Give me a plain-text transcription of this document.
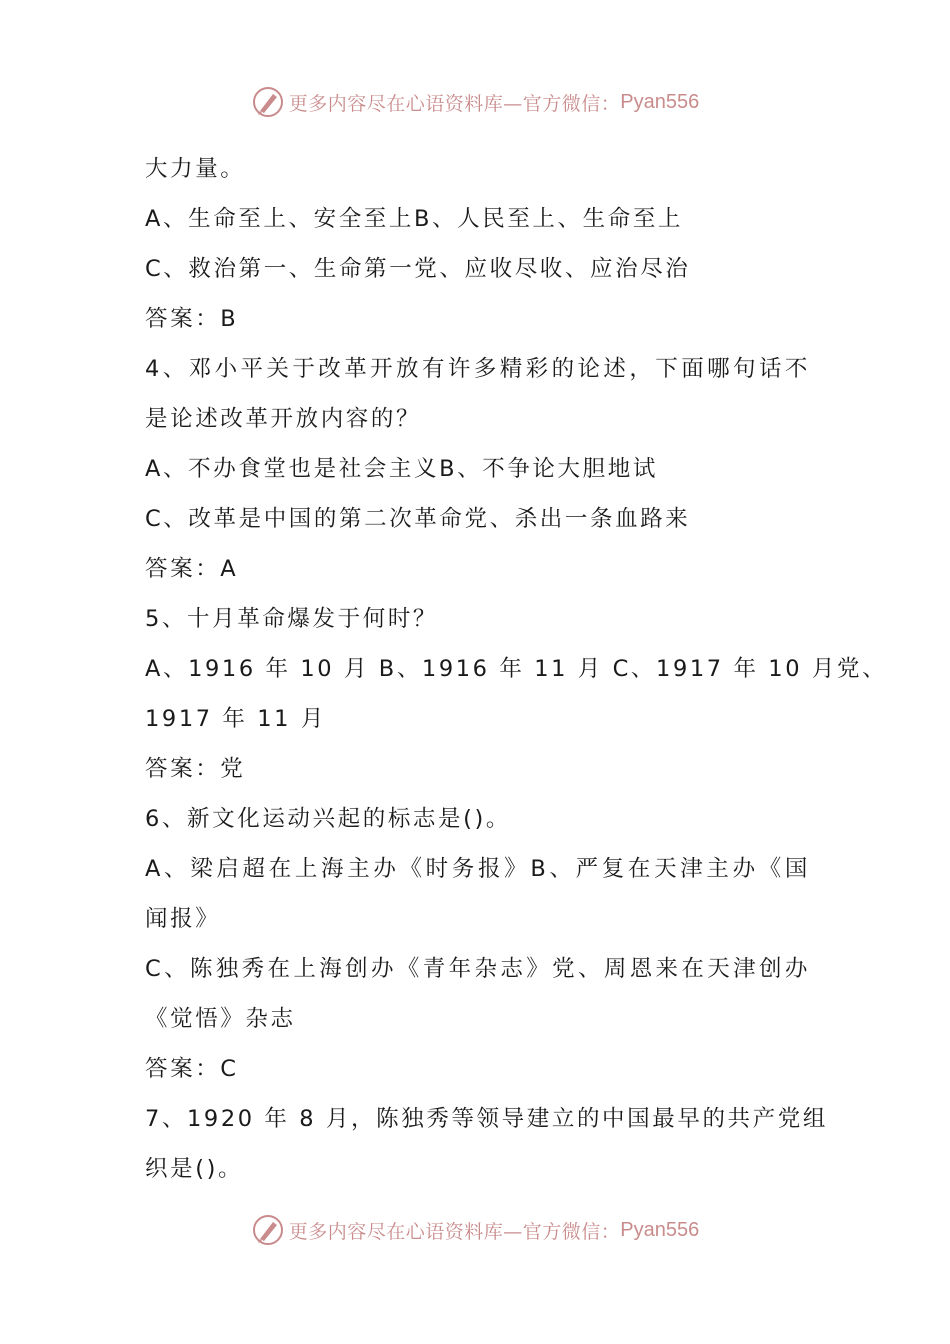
更多内容尽在心语资料库—官方微信： Pyan556
大力量。
A、生命至上、安全至上B、人民至上、生命至上
C、救治第一、生命第一党、应收尽收、应治尽治
答案：B
4、邓小平关于改革开放有许多精彩的论述，下面哪句话不
是论述改革开放内容的？
A、不办食堂也是社会主义B、不争论大胆地试
C、改革是中国的第二次革命党、杀出一条血路来
答案：A
5、十月革命爆发于何时？
A、1916 年 10 月 B、1916 年 11 月 C、1917 年 10 月党、
1917 年 11 月
答案：党
6、新文化运动兴起的标志是()。
A、梁启超在上海主办《时务报》B、严复在天津主办《国
闻报》
C、陈独秀在上海创办《青年杂志》党、周恩来在天津创办
《觉悟》杂志
答案：C
7、1920 年 8 月，陈独秀等领导建立的中国最早的共产党组
织是()。
更多内容尽在心语资料库—官方微信： Pyan556
